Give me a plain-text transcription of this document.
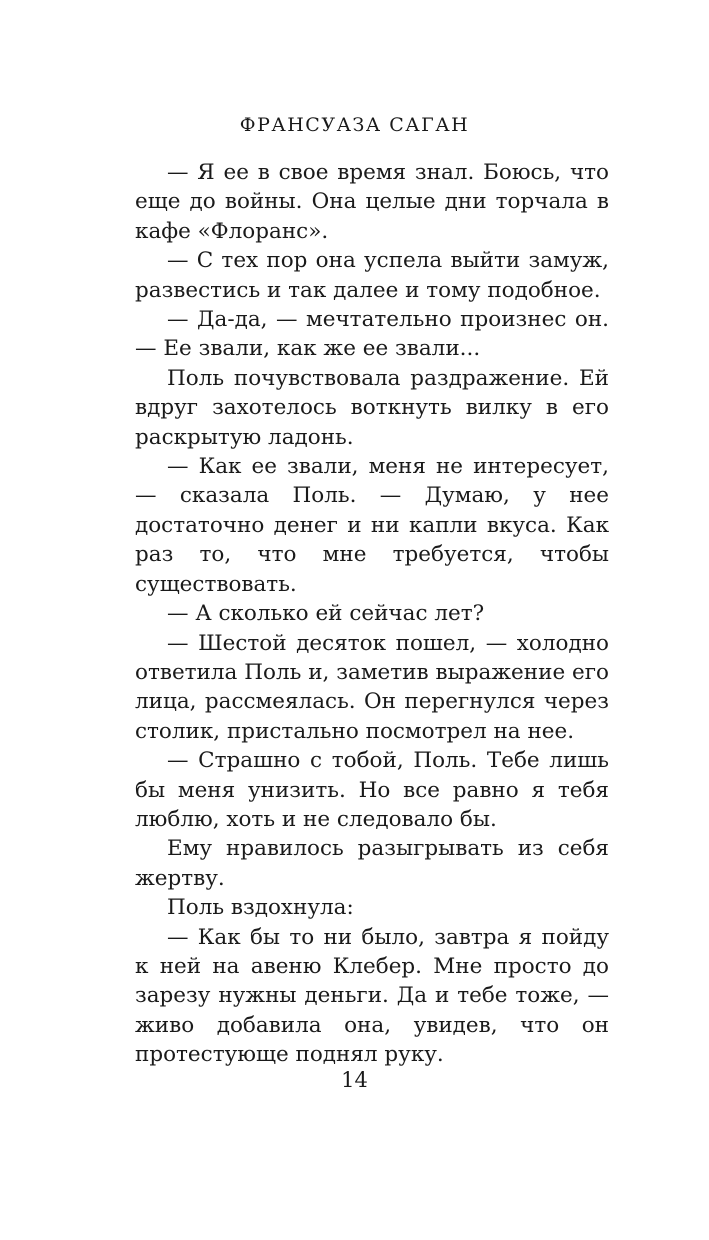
ФРАНСУАЗА САГАН

— Я ее в свое время знал. Боюсь, что еще до войны. Она целые дни торчала в кафе «Флоранс».

— С тех пор она успела выйти замуж, развестись и так далее и тому подобное.

— Да-да, — мечтательно произнес он. — Ее звали, как же ее звали...

Поль почувствовала раздражение. Ей вдруг захотелось воткнуть вилку в его раскрытую ладонь.

— Как ее звали, меня не интересует, — сказала Поль. — Думаю, у нее достаточно денег и ни капли вкуса. Как раз то, что мне требуется, чтобы существовать.

— А сколько ей сейчас лет?

— Шестой десяток пошел, — холодно ответила Поль и, заметив выражение его лица, рассмеялась. Он перегнулся через столик, пристально посмотрел на нее.

— Страшно с тобой, Поль. Тебе лишь бы меня унизить. Но все равно я тебя люблю, хоть и не следовало бы.

Ему нравилось разыгрывать из себя жертву.

Поль вздохнула:

— Как бы то ни было, завтра я пойду к ней на авеню Клебер. Мне просто до зарезу нужны деньги. Да и тебе тоже, — живо добавила она, увидев, что он протестующе поднял руку.

14
